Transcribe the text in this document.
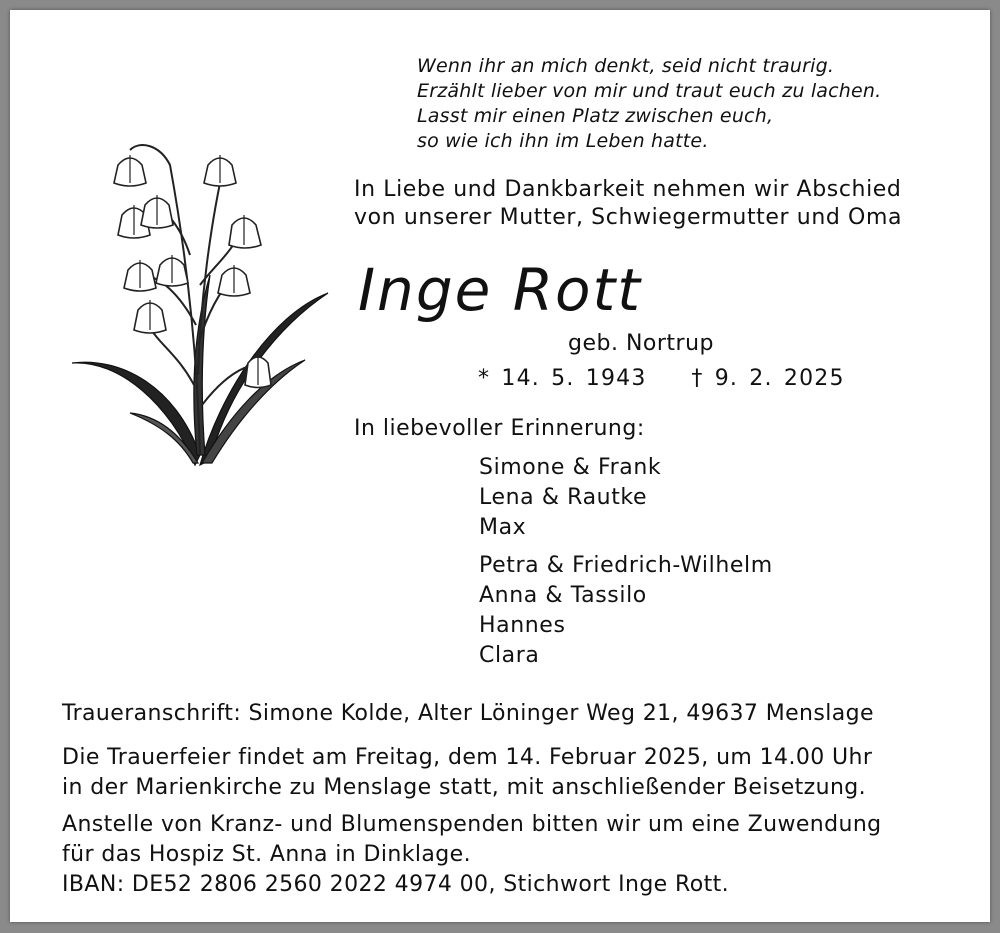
Wenn ihr an mich denkt, seid nicht traurig.
Erzählt lieber von mir und traut euch zu lachen.
Lasst mir einen Platz zwischen euch,
so wie ich ihn im Leben hatte.
In Liebe und Dankbarkeit nehmen wir Abschied
von unserer Mutter, Schwiegermutter und Oma
Inge Rott
geb. Nortrup
* 14. 5. 1943    † 9. 2. 2025
In liebevoller Erinnerung:
Simone & Frank
Lena & Rautke
Max
Petra & Friedrich-Wilhelm
Anna & Tassilo
Hannes
Clara
Traueranschrift: Simone Kolde, Alter Löninger Weg 21, 49637 Menslage
Die Trauerfeier findet am Freitag, dem 14. Februar 2025, um 14.00 Uhr
in der Marienkirche zu Menslage statt, mit anschließender Beisetzung.
Anstelle von Kranz- und Blumenspenden bitten wir um eine Zuwendung
für das Hospiz St. Anna in Dinklage.
IBAN: DE52 2806 2560 2022 4974 00, Stichwort Inge Rott.
